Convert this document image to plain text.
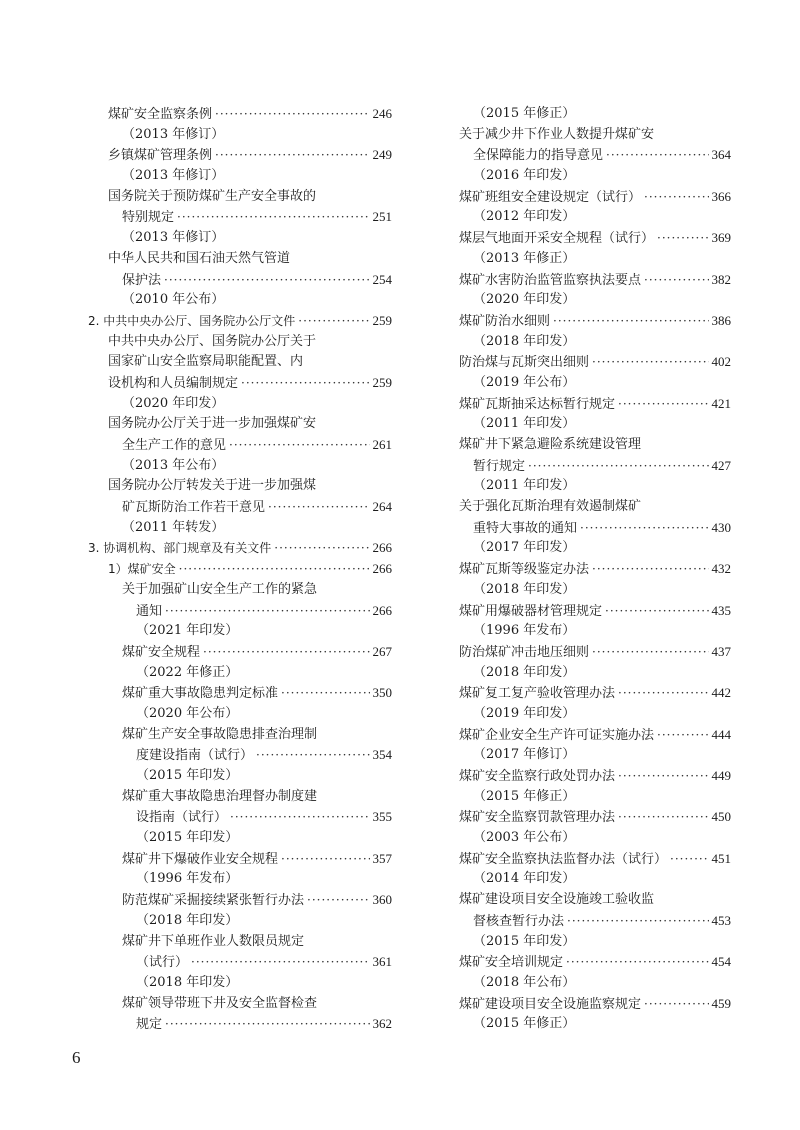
煤矿安全监察条例 ·····	246
（2013 年修订）
乡镇煤矿管理条例 ·····	249
（2013 年修订）
国务院关于预防煤矿生产安全事故的
特别规定 ·····	251
（2013 年修订）
中华人民共和国石油天然气管道
保护法 ·····	254
（2010 年公布）
2. 中共中央办公厅、国务院办公厅文件 ·····	259
中共中央办公厅、国务院办公厅关于
国家矿山安全监察局职能配置、内
设机构和人员编制规定 ·····	259
（2020 年印发）
国务院办公厅关于进一步加强煤矿安
全生产工作的意见 ·····	261
（2013 年公布）
国务院办公厅转发关于进一步加强煤
矿瓦斯防治工作若干意见 ·····	264
（2011 年转发）
3. 协调机构、部门规章及有关文件 ·····	266
1）煤矿安全 ·····	266
关于加强矿山安全生产工作的紧急
通知 ·····	266
（2021 年印发）
煤矿安全规程 ·····	267
（2022 年修正）
煤矿重大事故隐患判定标准 ·····	350
（2020 年公布）
煤矿生产安全事故隐患排查治理制
度建设指南（试行） ·····	354
（2015 年印发）
煤矿重大事故隐患治理督办制度建
设指南（试行） ·····	355
（2015 年印发）
煤矿井下爆破作业安全规程 ·····	357
（1996 年发布）
防范煤矿采掘接续紧张暂行办法 ·····	360
（2018 年印发）
煤矿井下单班作业人数限员规定
（试行） ·····	361
（2018 年印发）
煤矿领导带班下井及安全监督检查
规定 ·····	362
（2015 年修正）
关于减少井下作业人数提升煤矿安
全保障能力的指导意见 ·····	364
（2016 年印发）
煤矿班组安全建设规定（试行） ·····	366
（2012 年印发）
煤层气地面开采安全规程（试行） ·····	369
（2013 年修正）
煤矿水害防治监管监察执法要点 ·····	382
（2020 年印发）
煤矿防治水细则 ·····	386
（2018 年印发）
防治煤与瓦斯突出细则 ·····	402
（2019 年公布）
煤矿瓦斯抽采达标暂行规定 ·····	421
（2011 年印发）
煤矿井下紧急避险系统建设管理
暂行规定 ·····	427
（2011 年印发）
关于强化瓦斯治理有效遏制煤矿
重特大事故的通知 ·····	430
（2017 年印发）
煤矿瓦斯等级鉴定办法 ·····	432
（2018 年印发）
煤矿用爆破器材管理规定 ·····	435
（1996 年发布）
防治煤矿冲击地压细则 ·····	437
（2018 年印发）
煤矿复工复产验收管理办法 ·····	442
（2019 年印发）
煤矿企业安全生产许可证实施办法 ·····	444
（2017 年修订）
煤矿安全监察行政处罚办法 ·····	449
（2015 年修正）
煤矿安全监察罚款管理办法 ·····	450
（2003 年公布）
煤矿安全监察执法监督办法（试行） ·····	451
（2014 年印发）
煤矿建设项目安全设施竣工验收监
督核查暂行办法 ·····	453
（2015 年印发）
煤矿安全培训规定 ·····	454
（2018 年公布）
煤矿建设项目安全设施监察规定 ·····	459
（2015 年修正）
6
